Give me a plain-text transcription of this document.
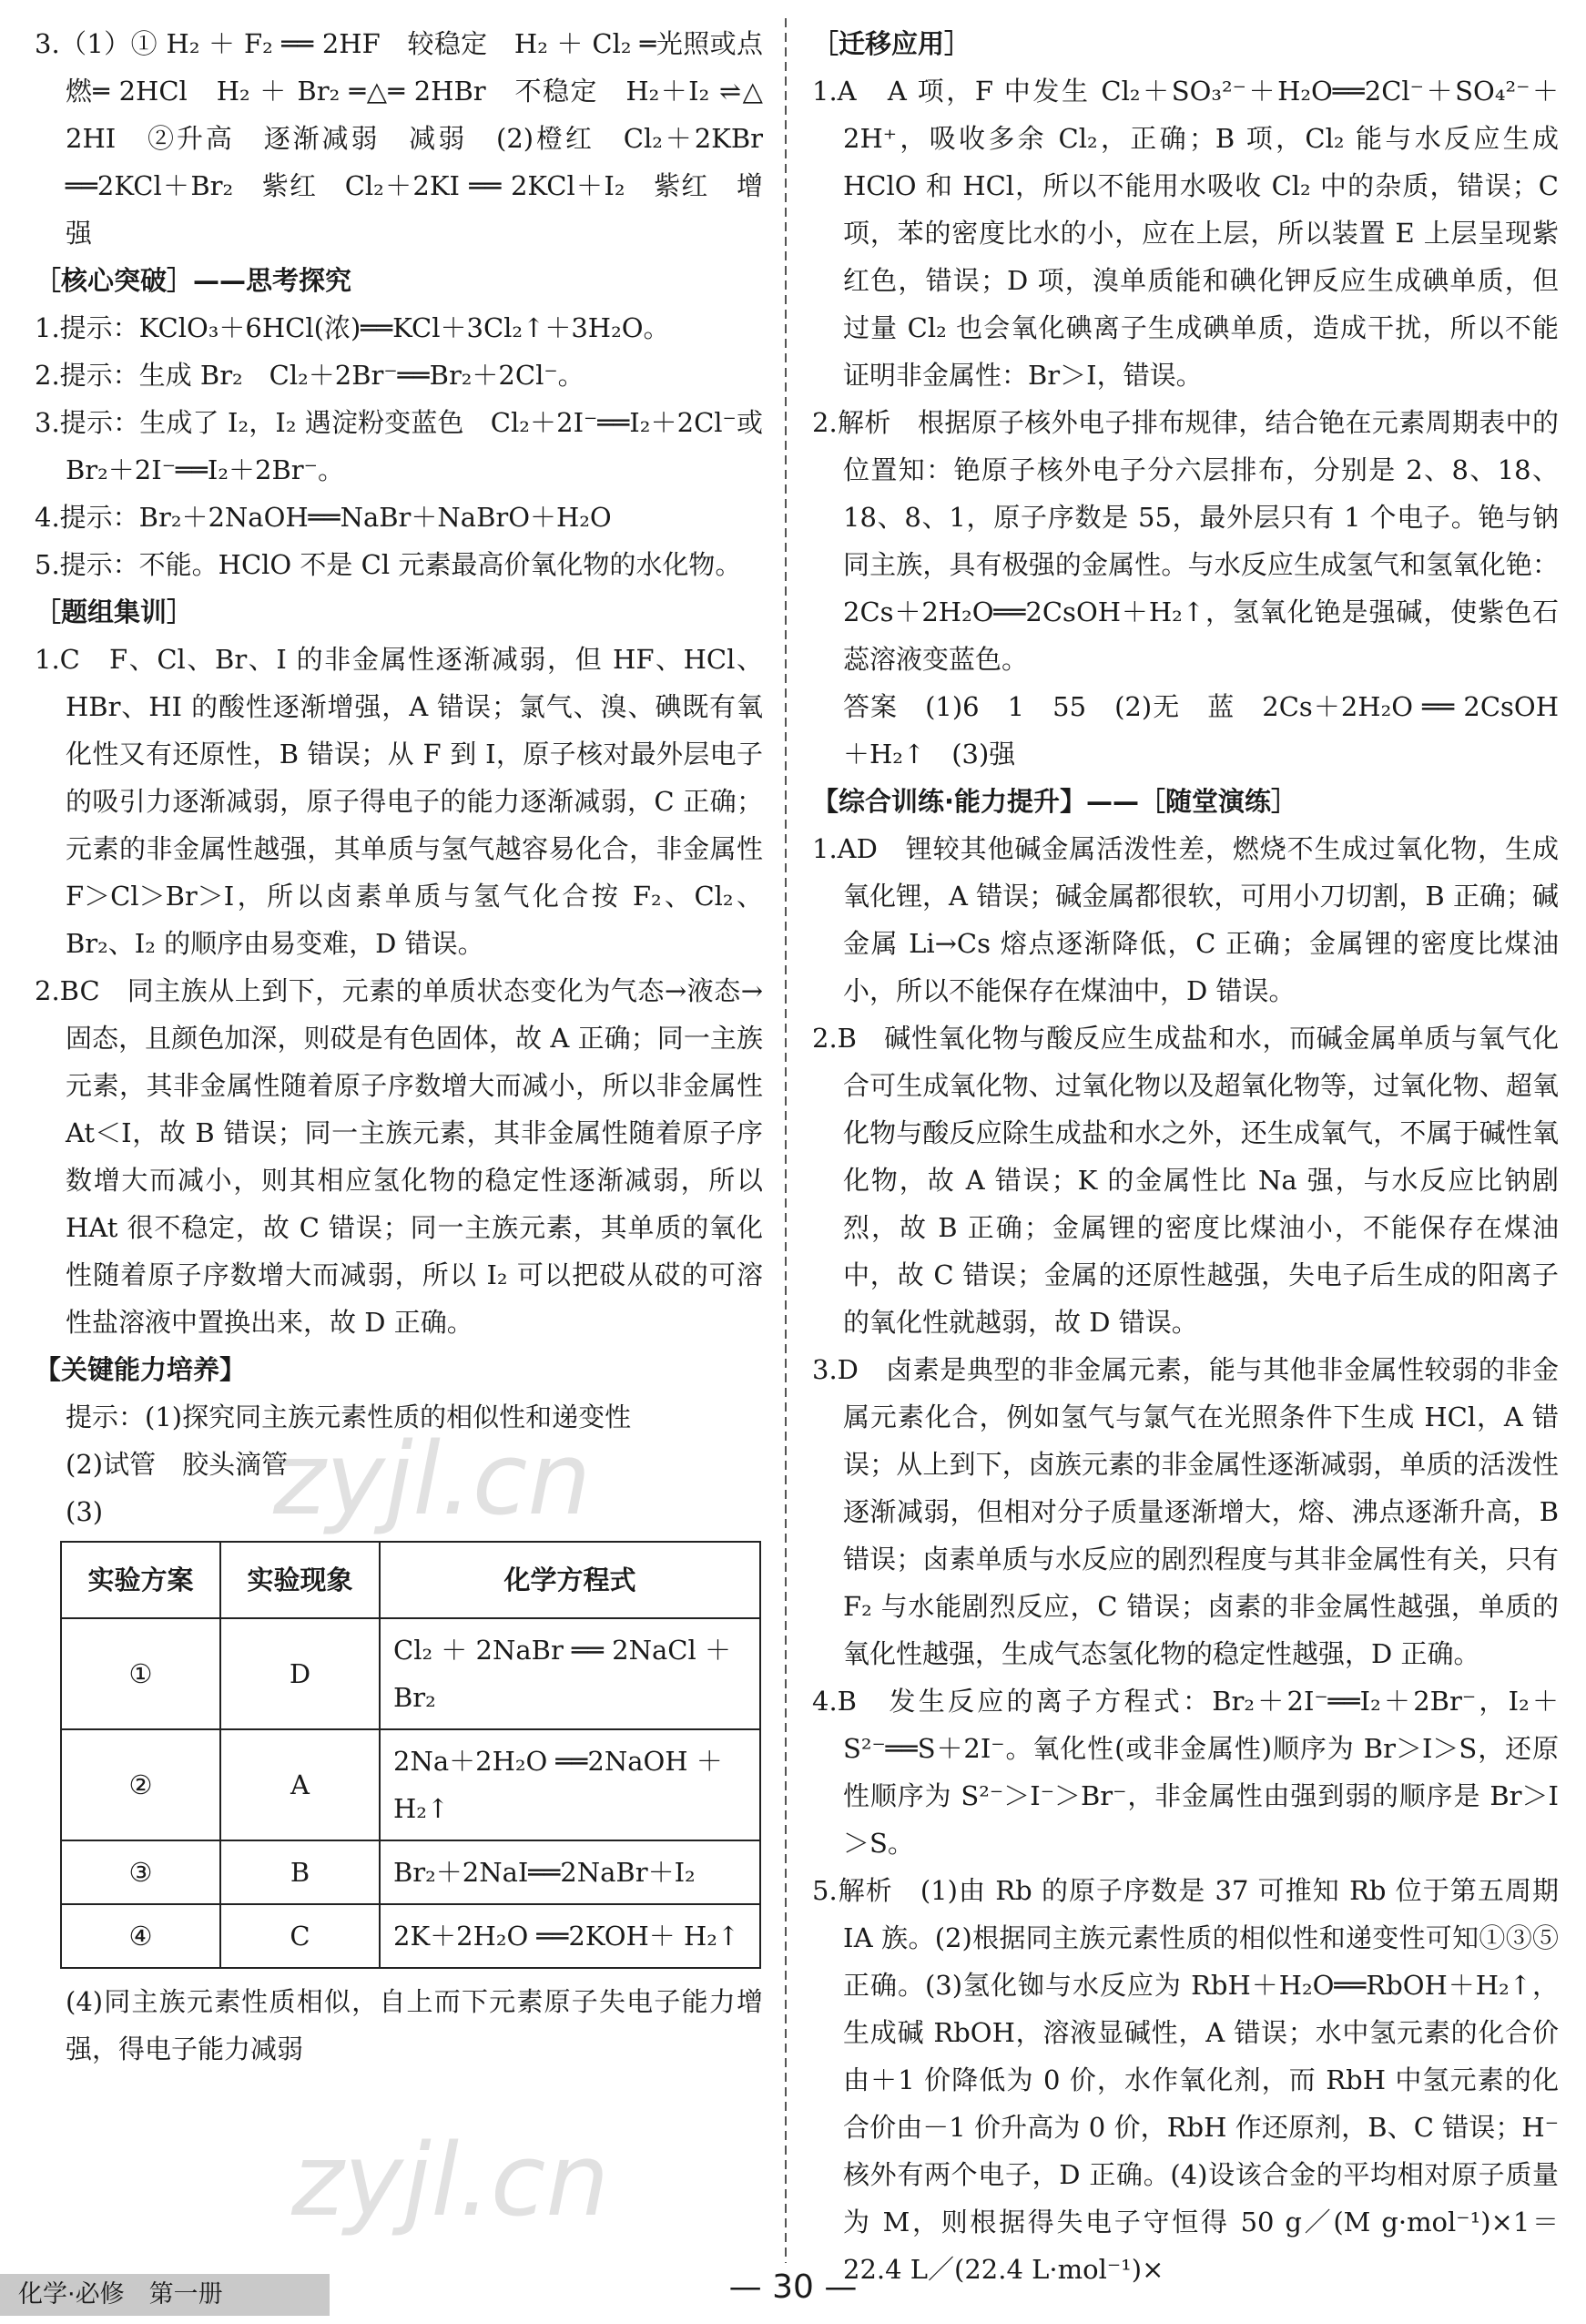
3.（1）① H₂ ＋ F₂ ══ 2HF　较稳定　H₂ ＋ Cl₂ ═光照或点燃═ 2HCl　H₂ ＋ Br₂ ═△═ 2HBr　不稳定　H₂＋I₂ ⇌△ 2HI　②升高　逐渐减弱　减弱　(2)橙红　Cl₂＋2KBr ══2KCl＋Br₂　紫红　Cl₂＋2KI ══ 2KCl＋I₂　紫红　增强

［核心突破］——思考探究

1.提示：KClO₃＋6HCl(浓)══KCl＋3Cl₂↑＋3H₂O。

2.提示：生成 Br₂　Cl₂＋2Br⁻══Br₂＋2Cl⁻。

3.提示：生成了 I₂，I₂ 遇淀粉变蓝色　Cl₂＋2I⁻══I₂＋2Cl⁻或 Br₂＋2I⁻══I₂＋2Br⁻。

4.提示：Br₂＋2NaOH══NaBr＋NaBrO＋H₂O

5.提示：不能。HClO 不是 Cl 元素最高价氧化物的水化物。

［题组集训］

1.C　F、Cl、Br、I 的非金属性逐渐减弱，但 HF、HCl、HBr、HI 的酸性逐渐增强，A 错误；氯气、溴、碘既有氧化性又有还原性，B 错误；从 F 到 I，原子核对最外层电子的吸引力逐渐减弱，原子得电子的能力逐渐减弱，C 正确；元素的非金属性越强，其单质与氢气越容易化合，非金属性 F＞Cl＞Br＞I，所以卤素单质与氢气化合按 F₂、Cl₂、Br₂、I₂ 的顺序由易变难，D 错误。

2.BC　同主族从上到下，元素的单质状态变化为气态→液态→固态，且颜色加深，则砹是有色固体，故 A 正确；同一主族元素，其非金属性随着原子序数增大而减小，所以非金属性 At＜I，故 B 错误；同一主族元素，其非金属性随着原子序数增大而减小，则其相应氢化物的稳定性逐渐减弱，所以 HAt 很不稳定，故 C 错误；同一主族元素，其单质的氧化性随着原子序数增大而减弱，所以 I₂ 可以把砹从砹的可溶性盐溶液中置换出来，故 D 正确。

【关键能力培养】

提示：(1)探究同主族元素性质的相似性和递变性

(2)试管　胶头滴管

(3)

实验方案	实验现象	化学方程式
①	D	Cl₂ ＋ 2NaBr ══ 2NaCl ＋Br₂
②	A	2Na＋2H₂O ══2NaOH ＋H₂↑
③	B	Br₂＋2NaI══2NaBr＋I₂
④	C	2K＋2H₂O ══2KOH＋ H₂↑

(4)同主族元素性质相似，自上而下元素原子失电子能力增强，得电子能力减弱

［迁移应用］

1.A　A 项，F 中发生 Cl₂＋SO₃²⁻＋H₂O══2Cl⁻＋SO₄²⁻＋2H⁺，吸收多余 Cl₂，正确；B 项，Cl₂ 能与水反应生成 HClO 和 HCl，所以不能用水吸收 Cl₂ 中的杂质，错误；C 项，苯的密度比水的小，应在上层，所以装置 E 上层呈现紫红色，错误；D 项，溴单质能和碘化钾反应生成碘单质，但过量 Cl₂ 也会氧化碘离子生成碘单质，造成干扰，所以不能证明非金属性：Br＞I，错误。

2.解析　根据原子核外电子排布规律，结合铯在元素周期表中的位置知：铯原子核外电子分六层排布，分别是 2、8、18、18、8、1，原子序数是 55，最外层只有 1 个电子。铯与钠同主族，具有极强的金属性。与水反应生成氢气和氢氧化铯：2Cs＋2H₂O══2CsOH＋H₂↑，氢氧化铯是强碱，使紫色石蕊溶液变蓝色。

答案　(1)6　1　55　(2)无　蓝　2Cs＋2H₂O ══ 2CsOH＋H₂↑　(3)强

【综合训练·能力提升】——［随堂演练］

1.AD　锂较其他碱金属活泼性差，燃烧不生成过氧化物，生成氧化锂，A 错误；碱金属都很软，可用小刀切割，B 正确；碱金属 Li→Cs 熔点逐渐降低，C 正确；金属锂的密度比煤油小，所以不能保存在煤油中，D 错误。

2.B　碱性氧化物与酸反应生成盐和水，而碱金属单质与氧气化合可生成氧化物、过氧化物以及超氧化物等，过氧化物、超氧化物与酸反应除生成盐和水之外，还生成氧气，不属于碱性氧化物，故 A 错误；K 的金属性比 Na 强，与水反应比钠剧烈，故 B 正确；金属锂的密度比煤油小，不能保存在煤油中，故 C 错误；金属的还原性越强，失电子后生成的阳离子的氧化性就越弱，故 D 错误。

3.D　卤素是典型的非金属元素，能与其他非金属性较弱的非金属元素化合，例如氢气与氯气在光照条件下生成 HCl，A 错误；从上到下，卤族元素的非金属性逐渐减弱，单质的活泼性逐渐减弱，但相对分子质量逐渐增大，熔、沸点逐渐升高，B 错误；卤素单质与水反应的剧烈程度与其非金属性有关，只有 F₂ 与水能剧烈反应，C 错误；卤素的非金属性越强，单质的氧化性越强，生成气态氢化物的稳定性越强，D 正确。

4.B　发生反应的离子方程式：Br₂＋2I⁻══I₂＋2Br⁻，I₂＋S²⁻══S＋2I⁻。氧化性(或非金属性)顺序为 Br＞I＞S，还原性顺序为 S²⁻＞I⁻＞Br⁻，非金属性由强到弱的顺序是 Br＞I＞S。

5.解析　(1)由 Rb 的原子序数是 37 可推知 Rb 位于第五周期ⅠA 族。(2)根据同主族元素性质的相似性和递变性可知①③⑤正确。(3)氢化铷与水反应为 RbH＋H₂O══RbOH＋H₂↑，生成碱 RbOH，溶液显碱性，A 错误；水中氢元素的化合价由＋1 价降低为 0 价，水作氧化剂，而 RbH 中氢元素的化合价由－1 价升高为 0 价，RbH 作还原剂，B、C 错误；H⁻ 核外有两个电子，D 正确。(4)设该合金的平均相对原子质量为 M，则根据得失电子守恒得 50 g／(M g·mol⁻¹)×1＝22.4 L／(22.4 L·mol⁻¹)×

zyjl.cn
zyjl.cn
化学·必修　第一册	— 30 —
